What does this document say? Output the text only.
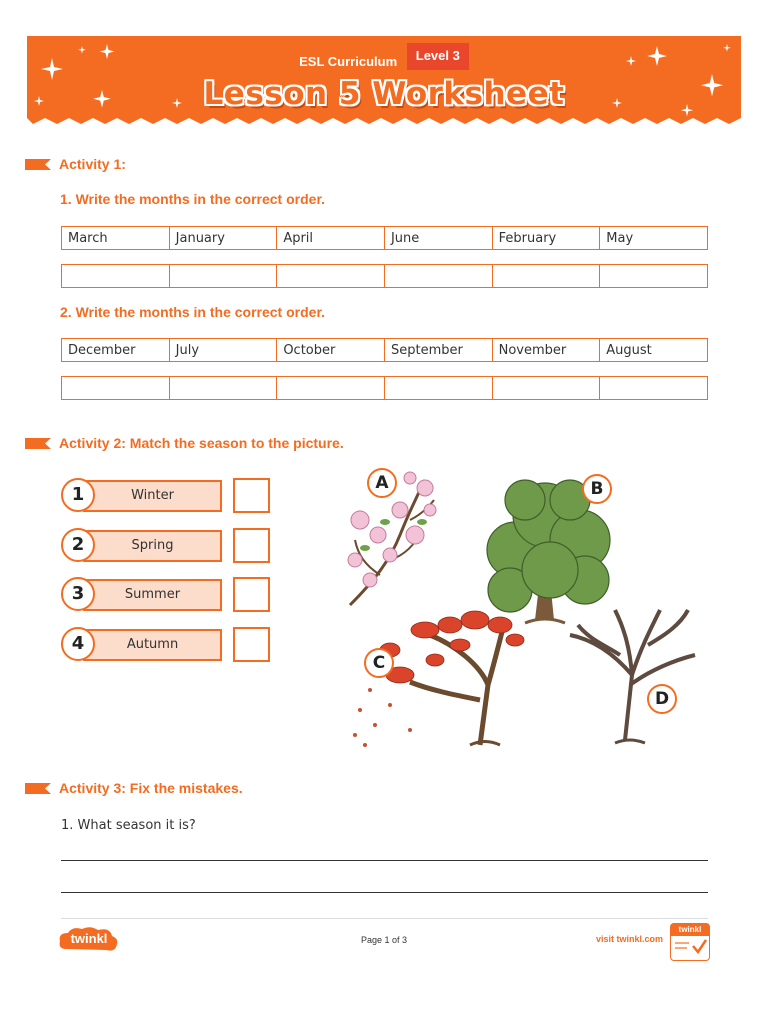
ESL Curriculum Level 3
Lesson 5 Worksheet
Activity 1:
1. Write the months in the correct order.
March	January	April	June	February	May

2. Write the months in the correct order.
December	July	October	September	November	August

Activity 2: Match the season to the picture.
1	Winter
2	Spring
3	Summer
4	Autumn
A	B
C
D
Activity 3: Fix the mistakes.
1. What season it is?
twinkl	Page 1 of 3	visit twinkl.com
twinkl
